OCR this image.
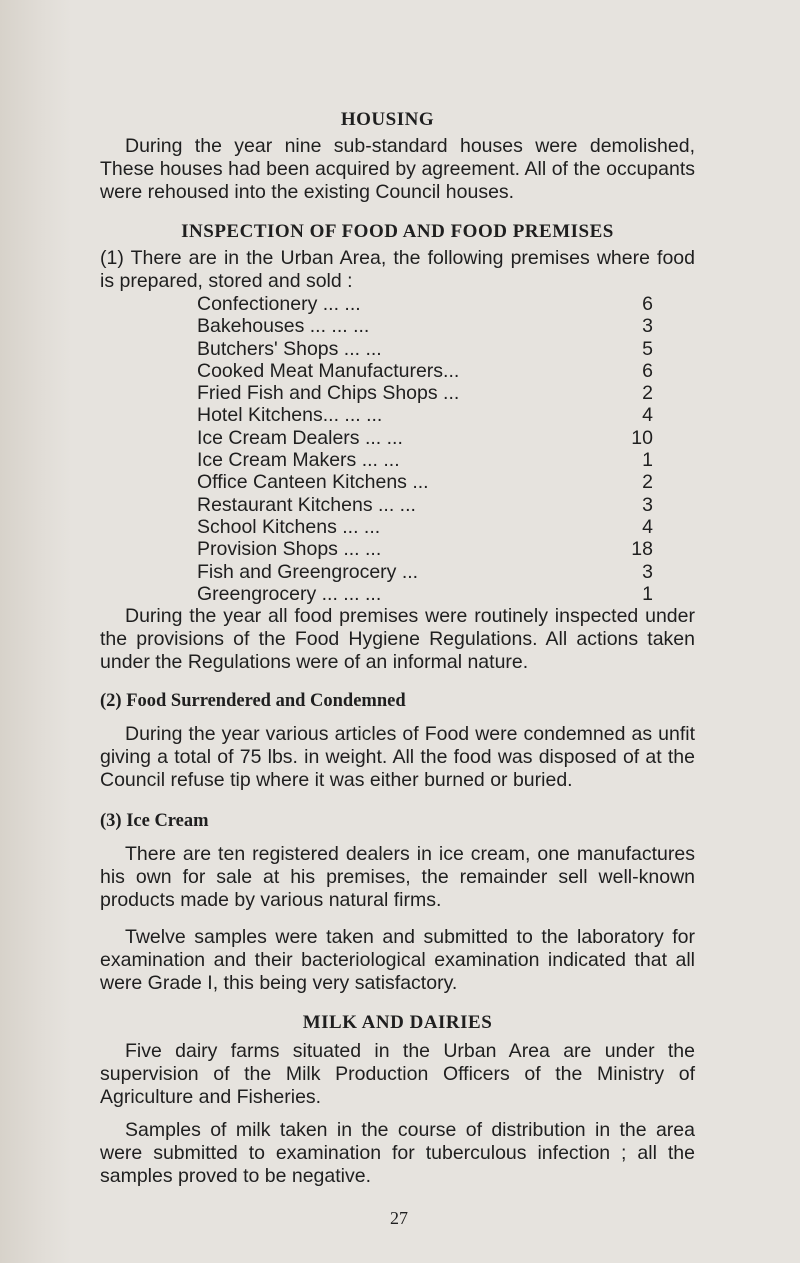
HOUSING

During the year nine sub-standard houses were demolished, These houses had been acquired by agreement. All of the occupants were rehoused into the existing Council houses.

INSPECTION OF FOOD AND FOOD PREMISES

(1) There are in the Urban Area, the following premises where food is prepared, stored and sold :

Confectionery ... ...	6
Bakehouses ... ... ...	3
Butchers' Shops ... ...	5
Cooked Meat Manufacturers...	6
Fried Fish and Chips Shops ...	2
Hotel Kitchens... ... ...	4
Ice Cream Dealers ... ...	10
Ice Cream Makers ... ...	1
Office Canteen Kitchens ...	2
Restaurant Kitchens ... ...	3
School Kitchens ... ...	4
Provision Shops ... ...	18
Fish and Greengrocery ...	3
Greengrocery ... ... ...	1

During the year all food premises were routinely inspected under the provisions of the Food Hygiene Regulations. All actions taken under the Regulations were of an informal nature.

(2) Food Surrendered and Condemned

During the year various articles of Food were condemned as unfit giving a total of 75 lbs. in weight. All the food was disposed of at the Council refuse tip where it was either burned or buried.

(3) Ice Cream

There are ten registered dealers in ice cream, one manufactures his own for sale at his premises, the remainder sell well-known products made by various natural firms.

Twelve samples were taken and submitted to the laboratory for examination and their bacteriological examination indicated that all were Grade I, this being very satisfactory.

MILK AND DAIRIES

Five dairy farms situated in the Urban Area are under the supervision of the Milk Production Officers of the Ministry of Agriculture and Fisheries.

Samples of milk taken in the course of distribution in the area were submitted to examination for tuberculous infection ; all the samples proved to be negative.

27
